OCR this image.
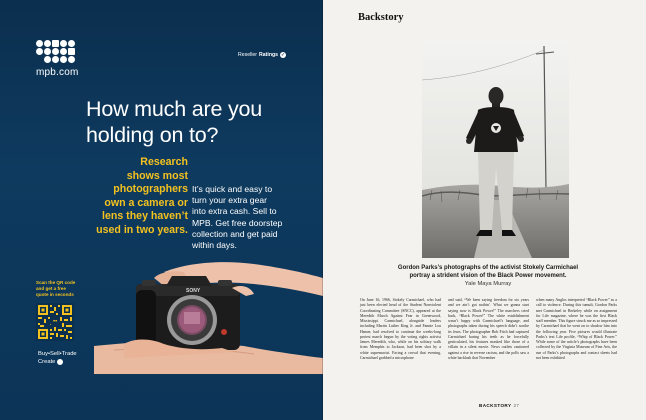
mpb.com
Reseller Ratings ✓
How much are you
holding on to?
Research
shows most
photographers
own a camera or
lens they haven’t
used in two years.
It’s quick and easy to
turn your extra gear
into extra cash. Sell to
MPB. Get free doorstep
collection and get paid
within days.
SONY
Scan the QR code
and get a free
quote in seconds
▪▪
Buy•Sell•Trade
Create
Backstory
Gordon Parks’s photographs of the activist Stokely Carmichael
portray a strident vision of the Black Power movement.
Yale Maya Murray

On June 16, 1966, Stokely Carmichael, who had just been elected head of the Student Nonviolent Coordinating Committee (SNCC), appeared at the Meredith March Against Fear in Greenwood, Mississippi. Carmichael, alongside leaders including Martin Luther King Jr. and Fannie Lou Hamer, had resolved to continue the weeks-long protest march begun by the voting rights activist James Meredith, who, while on his solitary walk from Memphis to Jackson, had been shot by a white supremacist. Facing a crowd that evening, Carmichael grabbed a microphone

and said, “We been saying freedom for six years and we ain’t got nothin’. What we gonna start saying now is Black Power!” The marchers cried back, “Black Power!” The white establishment wasn’t happy with Carmichael’s language, and photographs taken during his speech didn’t soothe its fears. The photographer Bob Fitch had captured Carmichael baring his teeth as he forcefully gesticulated, his features masked like those of a villain in a silent movie. News outlets cautioned against a rise in reverse racism, and the polls saw a white backlash that November

when many Anglos interpreted “Black Power” as a call to violence. During this tumult, Gordon Parks met Carmichael in Berkeley while on assignment for Life magazine, where he was the first Black staff member. This figure struck me as so impressed by Carmichael that he went on to shadow him into the following year. Five pictures would illustrate Parks’s text Life profile, “Whip of Black Power.” While some of the article’s photographs have been collected by the Virginia Museum of Fine Arts, the run of Parks’s photographs and contact sheets had not been exhibited

BACKSTORY 27
